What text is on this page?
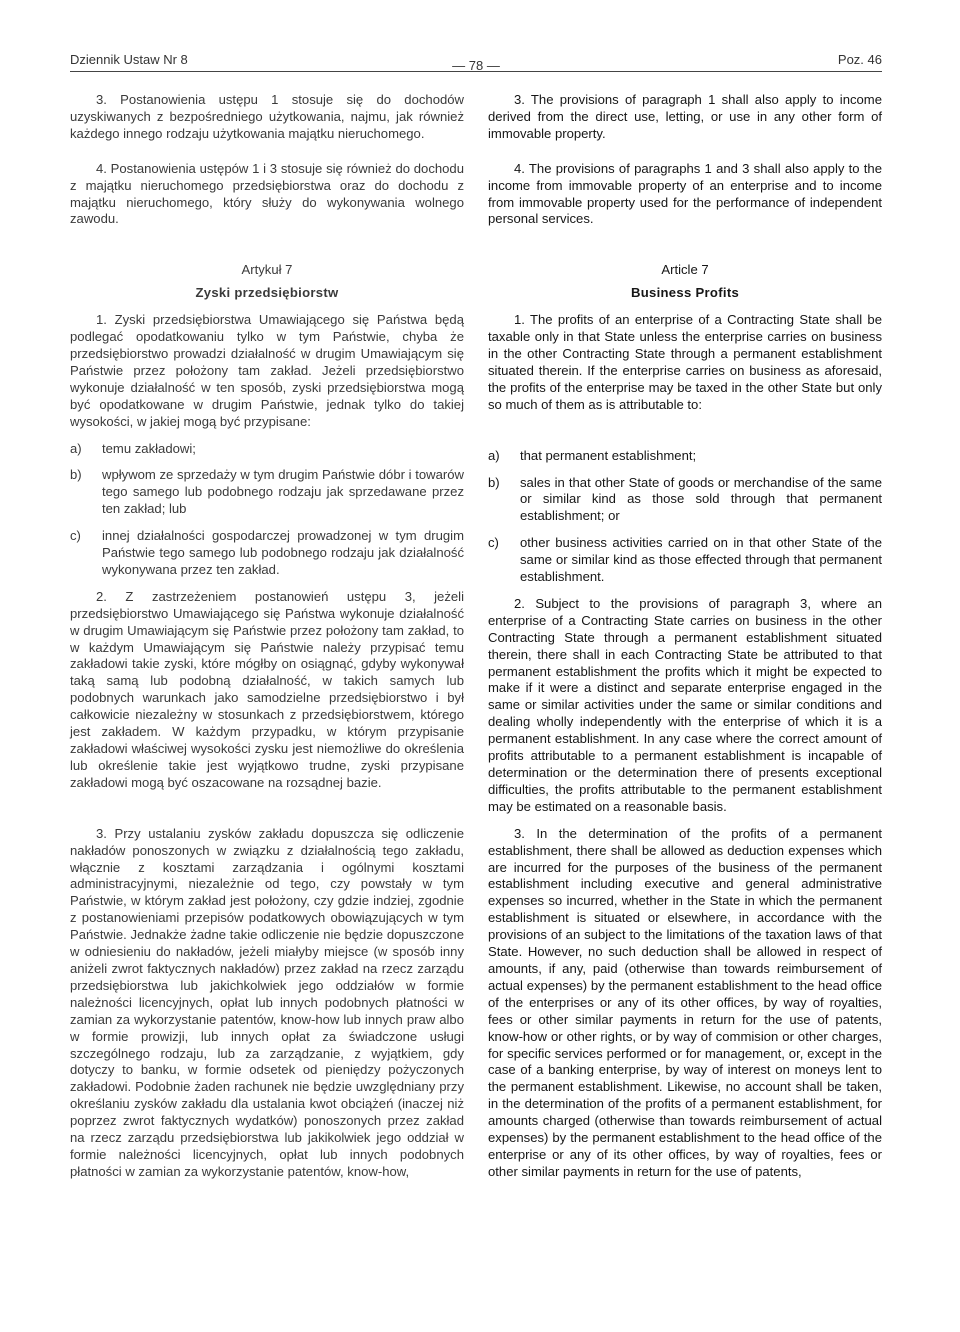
Dziennik Ustaw Nr 8	— 78 —	Poz. 46

3. Postanowienia ustępu 1 stosuje się do dochodów uzyskiwanych z bezpośredniego użytkowania, najmu, jak również każdego innego rodzaju użytkowania majątku nieruchomego.

4. Postanowienia ustępów 1 i 3 stosuje się również do dochodu z majątku nieruchomego przedsiębiorstwa oraz do dochodu z majątku nieruchomego, który służy do wykonywania wolnego zawodu.

Artykuł 7

Zyski przedsiębiorstw

1. Zyski przedsiębiorstwa Umawiającego się Państwa będą podlegać opodatkowaniu tylko w tym Państwie, chyba że przedsiębiorstwo prowadzi działalność w drugim Umawiającym się Państwie przez położony tam zakład. Jeżeli przedsiębiorstwo wykonuje działalność w ten sposób, zyski przedsiębiorstwa mogą być opodatkowane w drugim Państwie, jednak tylko do takiej wysokości, w jakiej mogą być przypisane:

a)	temu zakładowi;
b)	wpływom ze sprzedaży w tym drugim Państwie dóbr i towarów tego samego lub podobnego rodzaju jak sprzedawane przez ten zakład; lub
c)	innej działalności gospodarczej prowadzonej w tym drugim Państwie tego samego lub podobnego rodzaju jak działalność wykonywana przez ten zakład.

2. Z zastrzeżeniem postanowień ustępu 3, jeżeli przedsiębiorstwo Umawiającego się Państwa wykonuje działalność w drugim Umawiającym się Państwie przez położony tam zakład, to w każdym Umawiającym się Państwie należy przypisać temu zakładowi takie zyski, które mógłby on osiągnąć, gdyby wykonywał taką samą lub podobną działalność, w takich samych lub podobnych warunkach jako samodzielne przedsiębiorstwo i był całkowicie niezależny w stosunkach z przedsiębiorstwem, którego jest zakładem. W każdym przypadku, w którym przypisanie zakładowi właściwej wysokości zysku jest niemożliwe do określenia lub określenie takie jest wyjątkowo trudne, zyski przypisane zakładowi mogą być oszacowane na rozsądnej bazie.

3. Przy ustalaniu zysków zakładu dopuszcza się odliczenie nakładów ponoszonych w związku z działalnością tego zakładu, włącznie z kosztami zarządzania i ogólnymi kosztami administracyjnymi, niezależnie od tego, czy powstały w tym Państwie, w którym zakład jest położony, czy gdzie indziej, zgodnie z postanowieniami przepisów podatkowych obowiązujących w tym Państwie. Jednakże żadne takie odliczenie nie będzie dopuszczone w odniesieniu do nakładów, jeżeli miałyby miejsce (w sposób inny aniżeli zwrot faktycznych nakładów) przez zakład na rzecz zarządu przedsiębiorstwa lub jakichkolwiek jego oddziałów w formie należności licencyjnych, opłat lub innych podobnych płatności w zamian za wykorzystanie patentów, know-how lub innych praw albo w formie prowizji, lub innych opłat za świadczone usługi szczególnego rodzaju, lub za zarządzanie, z wyjątkiem, gdy dotyczy to banku, w formie odsetek od pieniędzy pożyczonych zakładowi. Podobnie żaden rachunek nie będzie uwzględniany przy określaniu zysków zakładu dla ustalania kwot obciążeń (inaczej niż poprzez zwrot faktycznych wydatków) ponoszonych przez zakład na rzecz zarządu przedsiębiorstwa lub jakikolwiek jego oddział w formie należności licencyjnych, opłat lub innych podobnych płatności w zamian za wykorzystanie patentów, know-how,

3. The provisions of paragraph 1 shall also apply to income derived from the direct use, letting, or use in any other form of immovable property.

4. The provisions of paragraphs 1 and 3 shall also apply to the income from immovable property of an enterprise and to income from immovable property used for the performance of independent personal services.

Article 7

Business Profits

1. The profits of an enterprise of a Contracting State shall be taxable only in that State unless the enterprise carries on business in the other Contracting State through a permanent establishment situated therein. If the enterprise carries on business as aforesaid, the profits of the enterprise may be taxed in the other State but only so much of them as is attributable to:

a)	that permanent establishment;
b)	sales in that other State of goods or merchandise of the same or similar kind as those sold through that permanent establishment; or
c)	other business activities carried on in that other State of the same or similar kind as those effected through that permanent establishment.

2. Subject to the provisions of paragraph 3, where an enterprise of a Contracting State carries on business in the other Contracting State through a permanent establishment situated therein, there shall in each Contracting State be attributed to that permanent establishment the profits which it might be expected to make if it were a distinct and separate enterprise engaged in the same or similar activities under the same or similar conditions and dealing wholly independently with the enterprise of which it is a permanent establishment. In any case where the correct amount of profits attributable to a permanent establishment is incapable of determination or the determination there of presents exceptional difficulties, the profits attributable to the permanent establishment may be estimated on a reasonable basis.

3. In the determination of the profits of a permanent establishment, there shall be allowed as deduction expenses which are incurred for the purposes of the business of the permanent establishment including executive and general administrative expenses so incurred, whether in the State in which the permanent establishment is situated or elsewhere, in accordance with the provisions of an subject to the limitations of the taxation laws of that State. However, no such deduction shall be allowed in respect of amounts, if any, paid (otherwise than towards reimbursement of actual expenses) by the permanent establishment to the head office of the enterprises or any of its other offices, by way of royalties, fees or other similar payments in return for the use of patents, know-how or other rights, or by way of commision or other charges, for specific services performed or for management, or, except in the case of a banking enterprise, by way of interest on moneys lent to the permanent establishment. Likewise, no account shall be taken, in the determination of the profits of a permanent establishment, for amounts charged (otherwise than towards reimbursement of actual expenses) by the permanent establishment to the head office of the enterprise or any of its other offices, by way of royalties, fees or other similar payments in return for the use of patents,
